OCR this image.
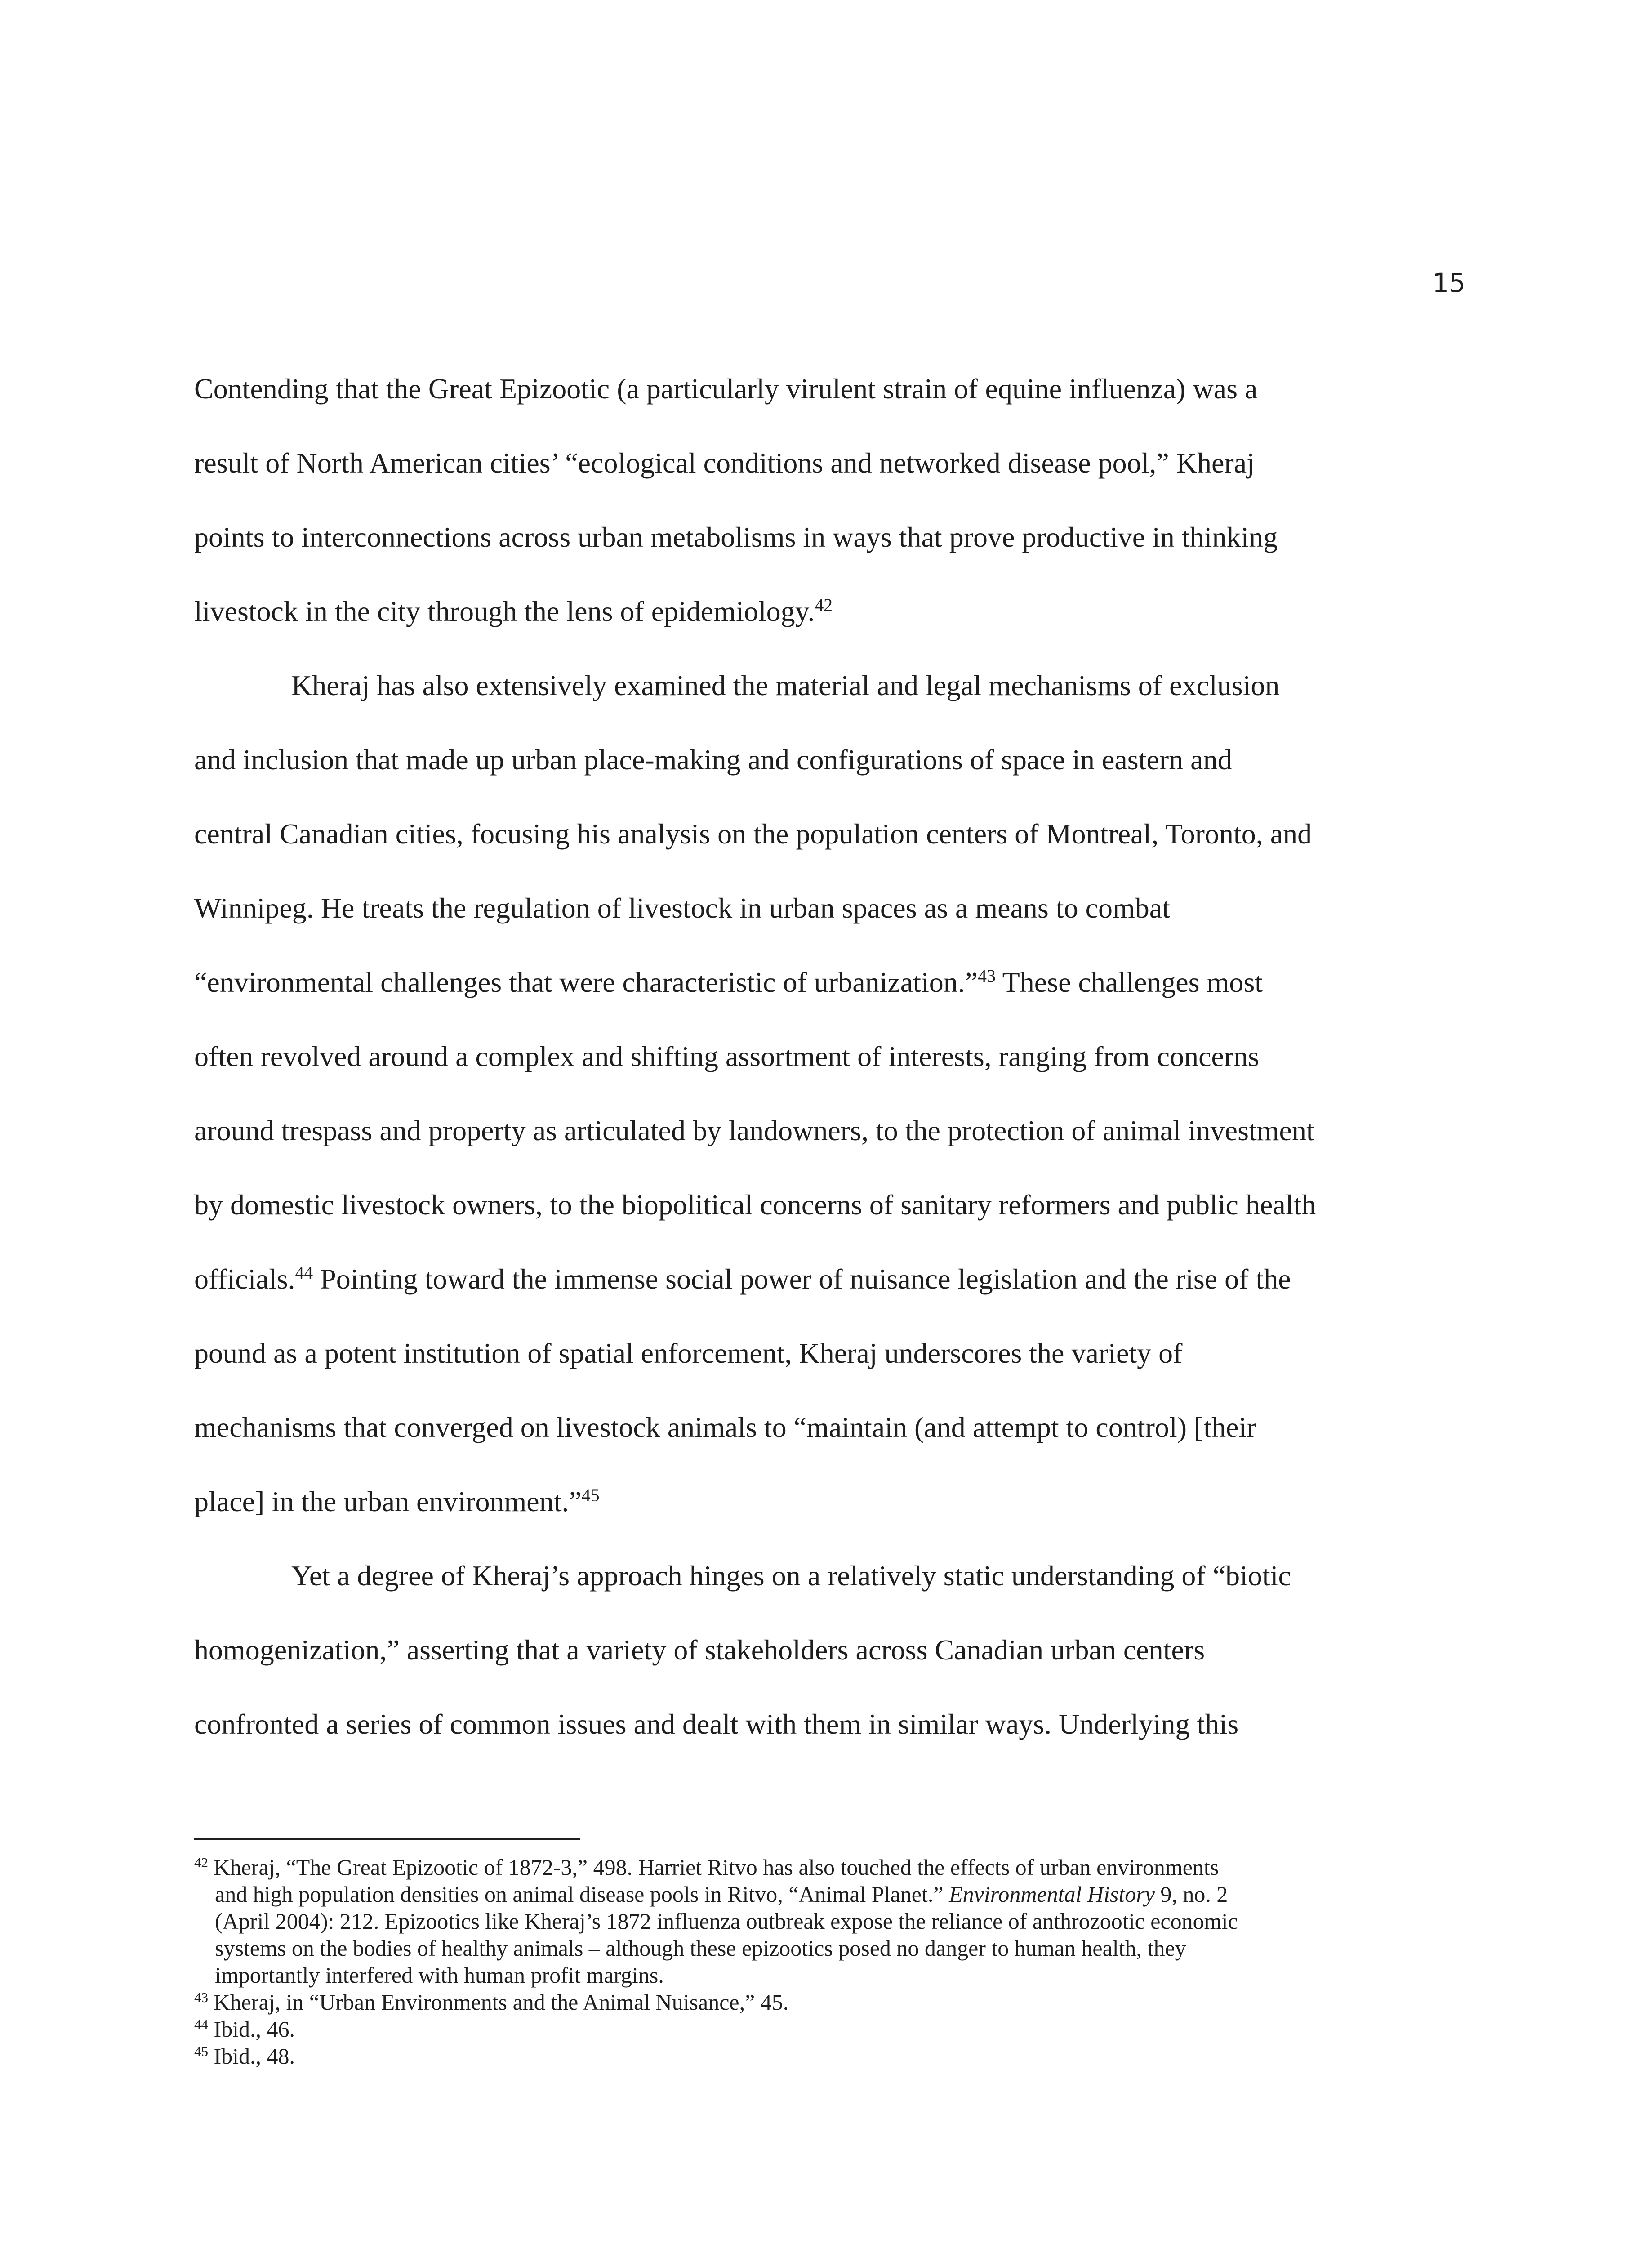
15
Contending that the Great Epizootic (a particularly virulent strain of equine influenza) was a
result of North American cities’ “ecological conditions and networked disease pool,” Kheraj
points to interconnections across urban metabolisms in ways that prove productive in thinking
livestock in the city through the lens of epidemiology.$^{42}$
Kheraj has also extensively examined the material and legal mechanisms of exclusion
and inclusion that made up urban place-making and configurations of space in eastern and
central Canadian cities, focusing his analysis on the population centers of Montreal, Toronto, and
Winnipeg. He treats the regulation of livestock in urban spaces as a means to combat
“environmental challenges that were characteristic of urbanization.”$^{43}$ These challenges most
often revolved around a complex and shifting assortment of interests, ranging from concerns
around trespass and property as articulated by landowners, to the protection of animal investment
by domestic livestock owners, to the biopolitical concerns of sanitary reformers and public health
officials.$^{44}$ Pointing toward the immense social power of nuisance legislation and the rise of the
pound as a potent institution of spatial enforcement, Kheraj underscores the variety of
mechanisms that converged on livestock animals to “maintain (and attempt to control) [their
place] in the urban environment.”$^{45}$
Yet a degree of Kheraj’s approach hinges on a relatively static understanding of “biotic
homogenization,” asserting that a variety of stakeholders across Canadian urban centers
confronted a series of common issues and dealt with them in similar ways. Underlying this
$^{42}$ Kheraj, “The Great Epizootic of 1872-3,” 498. Harriet Ritvo has also touched the effects of urban environments
and high population densities on animal disease pools in Ritvo, “Animal Planet.” Environmental History 9, no. 2
(April 2004): 212. Epizootics like Kheraj’s 1872 influenza outbreak expose the reliance of anthrozootic economic
systems on the bodies of healthy animals – although these epizootics posed no danger to human health, they
importantly interfered with human profit margins.
$^{43}$ Kheraj, in “Urban Environments and the Animal Nuisance,” 45.
$^{44}$ Ibid., 46.
$^{45}$ Ibid., 48.
